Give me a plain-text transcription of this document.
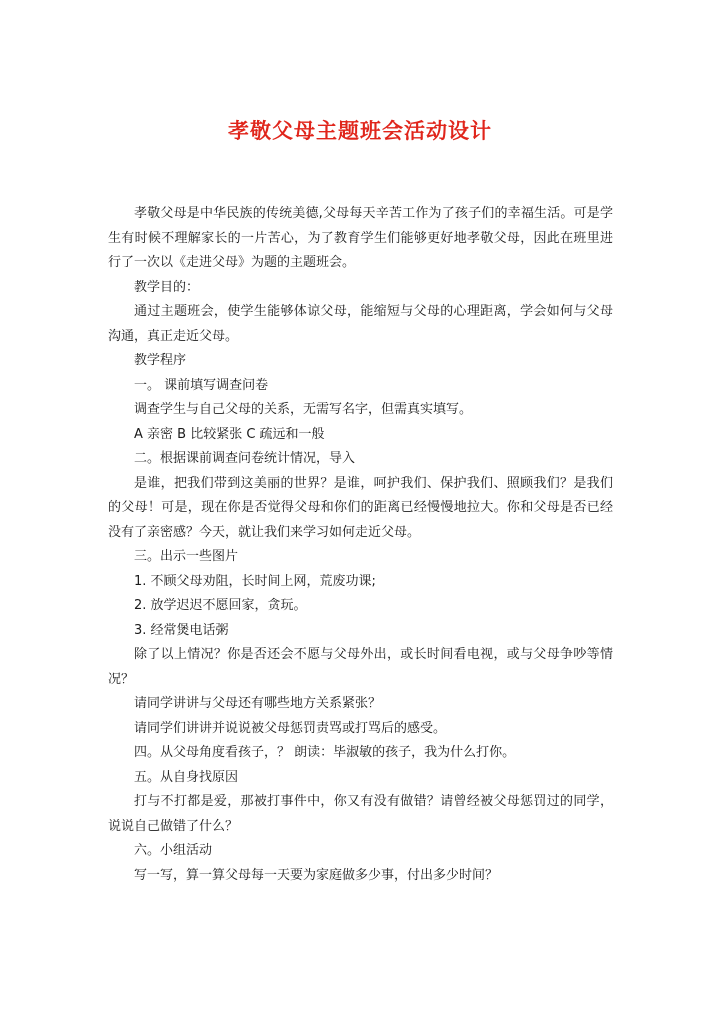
孝敬父母主题班会活动设计

孝敬父母是中华民族的传统美德,父母每天辛苦工作为了孩子们的幸福生活。可是学生有时候不理解家长的一片苦心，为了教育学生们能够更好地孝敬父母，因此在班里进行了一次以《走进父母》为题的主题班会。

教学目的：

通过主题班会，使学生能够体谅父母，能缩短与父母的心理距离，学会如何与父母沟通，真正走近父母。

教学程序

一。 课前填写调查问卷

调查学生与自己父母的关系，无需写名字，但需真实填写。

A 亲密 B 比较紧张 C 疏远和一般

二。根据课前调查问卷统计情况，导入

是谁，把我们带到这美丽的世界？是谁，呵护我们、保护我们、照顾我们？是我们的父母！可是，现在你是否觉得父母和你们的距离已经慢慢地拉大。你和父母是否已经没有了亲密感？今天，就让我们来学习如何走近父母。

三。出示一些图片

1. 不顾父母劝阻，长时间上网，荒废功课;

2. 放学迟迟不愿回家，贪玩。

3. 经常煲电话粥

除了以上情况？你是否还会不愿与父母外出，或长时间看电视，或与父母争吵等情况？

请同学讲讲与父母还有哪些地方关系紧张？

请同学们讲讲并说说被父母惩罚责骂或打骂后的感受。

四。从父母角度看孩子，？ 朗读：毕淑敏的孩子，我为什么打你。

五。从自身找原因

打与不打都是爱，那被打事件中，你又有没有做错？请曾经被父母惩罚过的同学，说说自己做错了什么？

六。小组活动

写一写，算一算父母每一天要为家庭做多少事，付出多少时间？
